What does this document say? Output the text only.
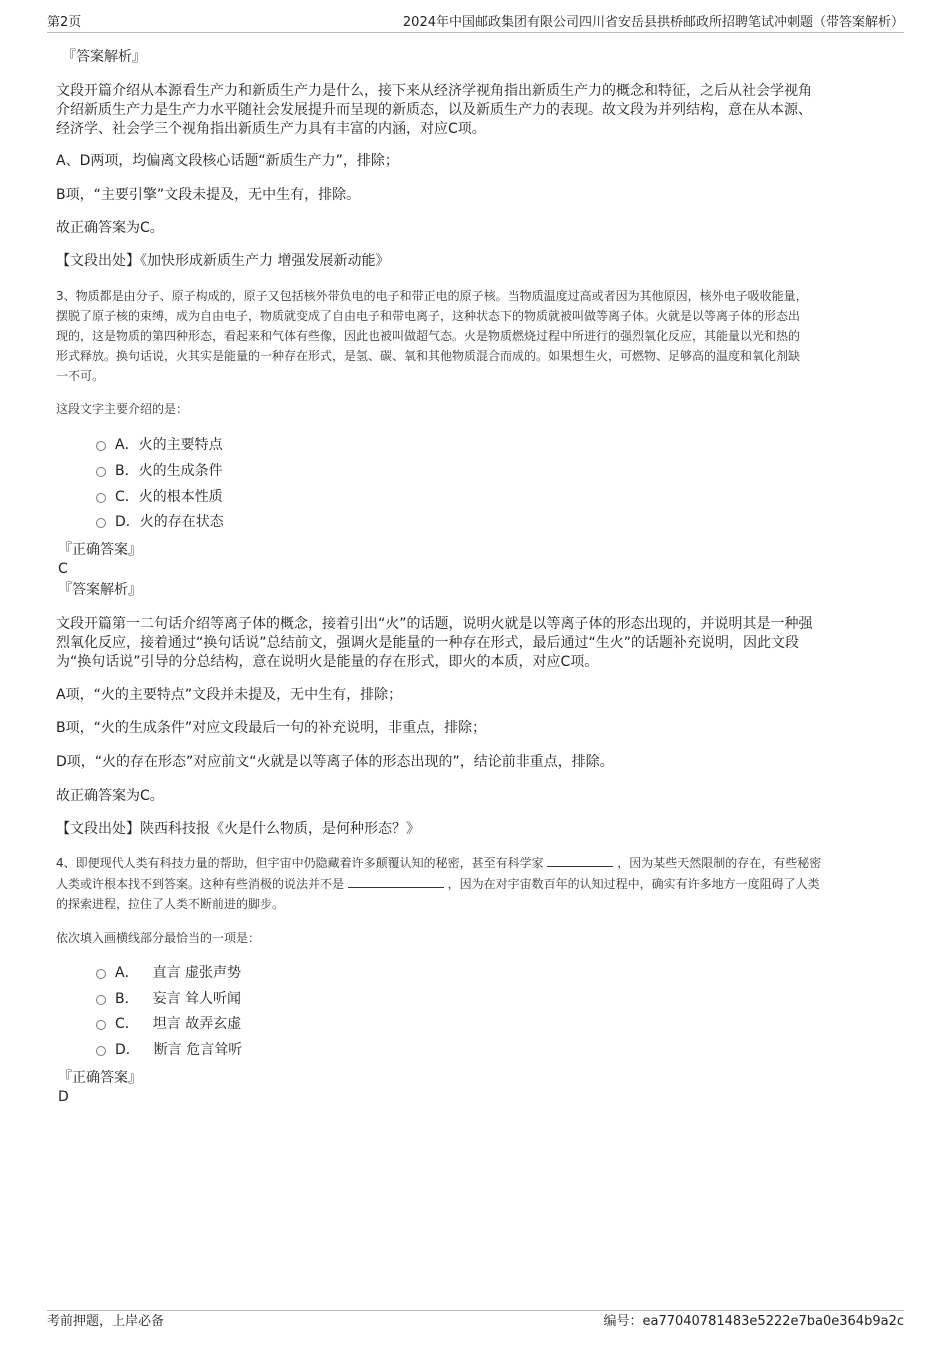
第2页	2024年中国邮政集团有限公司四川省安岳县拱桥邮政所招聘笔试冲刺题（带答案解析）
『答案解析』
文段开篇介绍从本源看生产力和新质生产力是什么，接下来从经济学视角指出新质生产力的概念和特征，之后从社会学视角
介绍新质生产力是生产力水平随社会发展提升而呈现的新质态，以及新质生产力的表现。故文段为并列结构，意在从本源、
经济学、社会学三个视角指出新质生产力具有丰富的内涵，对应C项。
A、D两项，均偏离文段核心话题“新质生产力”，排除；
B项，“主要引擎”文段未提及，无中生有，排除。
故正确答案为C。
【文段出处】《加快形成新质生产力 增强发展新动能》
3、物质都是由分子、原子构成的，原子又包括核外带负电的电子和带正电的原子核。当物质温度过高或者因为其他原因，核外电子吸收能量，
摆脱了原子核的束缚，成为自由电子，物质就变成了自由电子和带电离子，这种状态下的物质就被叫做等离子体。火就是以等离子体的形态出
现的，这是物质的第四种形态，看起来和气体有些像，因此也被叫做超气态。火是物质燃烧过程中所进行的强烈氧化反应，其能量以光和热的
形式释放。换句话说，火其实是能量的一种存在形式，是氢、碳、氧和其他物质混合而成的。如果想生火，可燃物、足够高的温度和氧化剂缺
一不可。
这段文字主要介绍的是：
A．火的主要特点
B．火的生成条件
C．火的根本性质
D．火的存在状态
『正确答案』
C
『答案解析』
文段开篇第一二句话介绍等离子体的概念，接着引出“火”的话题，说明火就是以等离子体的形态出现的，并说明其是一种强
烈氧化反应，接着通过“换句话说”总结前文，强调火是能量的一种存在形式，最后通过“生火”的话题补充说明，因此文段
为“换句话说”引导的分总结构，意在说明火是能量的存在形式，即火的本质，对应C项。
A项，“火的主要特点”文段并未提及，无中生有，排除；
B项，“火的生成条件”对应文段最后一句的补充说明，非重点，排除；
D项，“火的存在形态”对应前文“火就是以等离子体的形态出现的”，结论前非重点，排除。
故正确答案为C。
【文段出处】陕西科技报《火是什么物质，是何种形态？》
4、即便现代人类有科技力量的帮助，但宇宙中仍隐藏着许多颠覆认知的秘密，甚至有科学家	，因为某些天然限制的存在，有些秘密
人类或许根本找不到答案。这种有些消极的说法并不是	，因为在对宇宙数百年的认知过程中，确实有许多地方一度阻碍了人类
的探索进程，拉住了人类不断前进的脚步。
依次填入画横线部分最恰当的一项是：
A． 直言 虚张声势
B． 妄言 耸人听闻
C． 坦言 故弄玄虚
D． 断言 危言耸听
『正确答案』
D
考前押题，上岸必备	编号：ea77040781483e5222e7ba0e364b9a2c
